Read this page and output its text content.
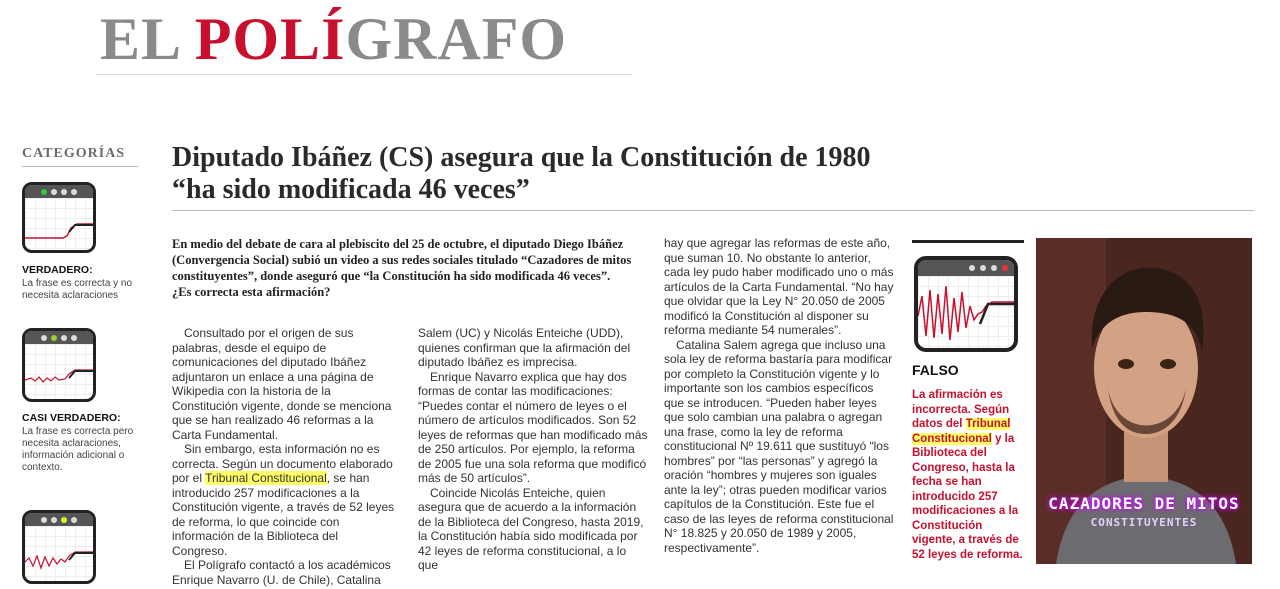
EL POLÍGRAFO
CATEGORÍAS
VERDADERO:
La frase es correcta y no necesita aclaraciones
CASI VERDADERO:
La frase es correcta pero necesita aclaraciones, información adicional o contexto.
Diputado Ibáñez (CS) asegura que la Constitución de 1980
“ha sido modificada 46 veces”
En medio del debate de cara al plebiscito del 25 de octubre, el diputado Diego Ibáñez (Convergencia Social) subió un video a sus redes sociales titulado “Cazadores de mitos constituyentes”, donde aseguró que “la Constitución ha sido modificada 46 veces”.
¿Es correcta esta afirmación?

Consultado por el origen de sus palabras, desde el equipo de comunicaciones del diputado Ibáñez adjuntaron un enlace a una página de Wikipedia con la historia de la Constitución vigente, donde se menciona que se han realizado 46 reformas a la Carta Fundamental.

Sin embargo, esta información no es correcta. Según un documento elaborado por el Tribunal Constitucional, se han introducido 257 modificaciones a la Constitución vigente, a través de 52 leyes de reforma, lo que coincide con información de la Biblioteca del Congreso.

El Polígrafo contactó a los académicos Enrique Navarro (U. de Chile), Catalina

Salem (UC) y Nicolás Enteiche (UDD), quienes confirman que la afirmación del diputado Ibáñez es imprecisa.

Enrique Navarro explica que hay dos formas de contar las modificaciones: “Puedes contar el número de leyes o el número de artículos modificados. Son 52 leyes de reformas que han modificado más de 250 artículos. Por ejemplo, la reforma de 2005 fue una sola reforma que modificó más de 50 artículos”.

Coincide Nicolás Enteiche, quien asegura que de acuerdo a la información de la Biblioteca del Congreso, hasta 2019, la Constitución había sido modificada por 42 leyes de reforma constitucional, a lo que

hay que agregar las reformas de este año, que suman 10. No obstante lo anterior, cada ley pudo haber modificado uno o más artículos de la Carta Fundamental. “No hay que olvidar que la Ley N° 20.050 de 2005 modificó la Constitución al disponer su reforma mediante 54 numerales”.

Catalina Salem agrega que incluso una sola ley de reforma bastaría para modificar por completo la Constitución vigente y lo importante son los cambios específicos que se introducen. “Pueden haber leyes que solo cambian una palabra o agregan una frase, como la ley de reforma constitucional Nº 19.611 que sustituyó “los hombres” por “las personas” y agregó la oración “hombres y mujeres son iguales ante la ley”; otras pueden modificar varios capítulos de la Constitución. Este fue el caso de las leyes de reforma constitucional N° 18.825 y 20.050 de 1989 y 2005, respectivamente”.

FALSO
La afirmación es incorrecta. Según datos del Tribunal Constitucional y la Biblioteca del Congreso, hasta la fecha se han introducido 257 modificaciones a la Constitución vigente, a través de 52 leyes de reforma.
CAZADORES DE MITOS
CONSTITUYENTES
